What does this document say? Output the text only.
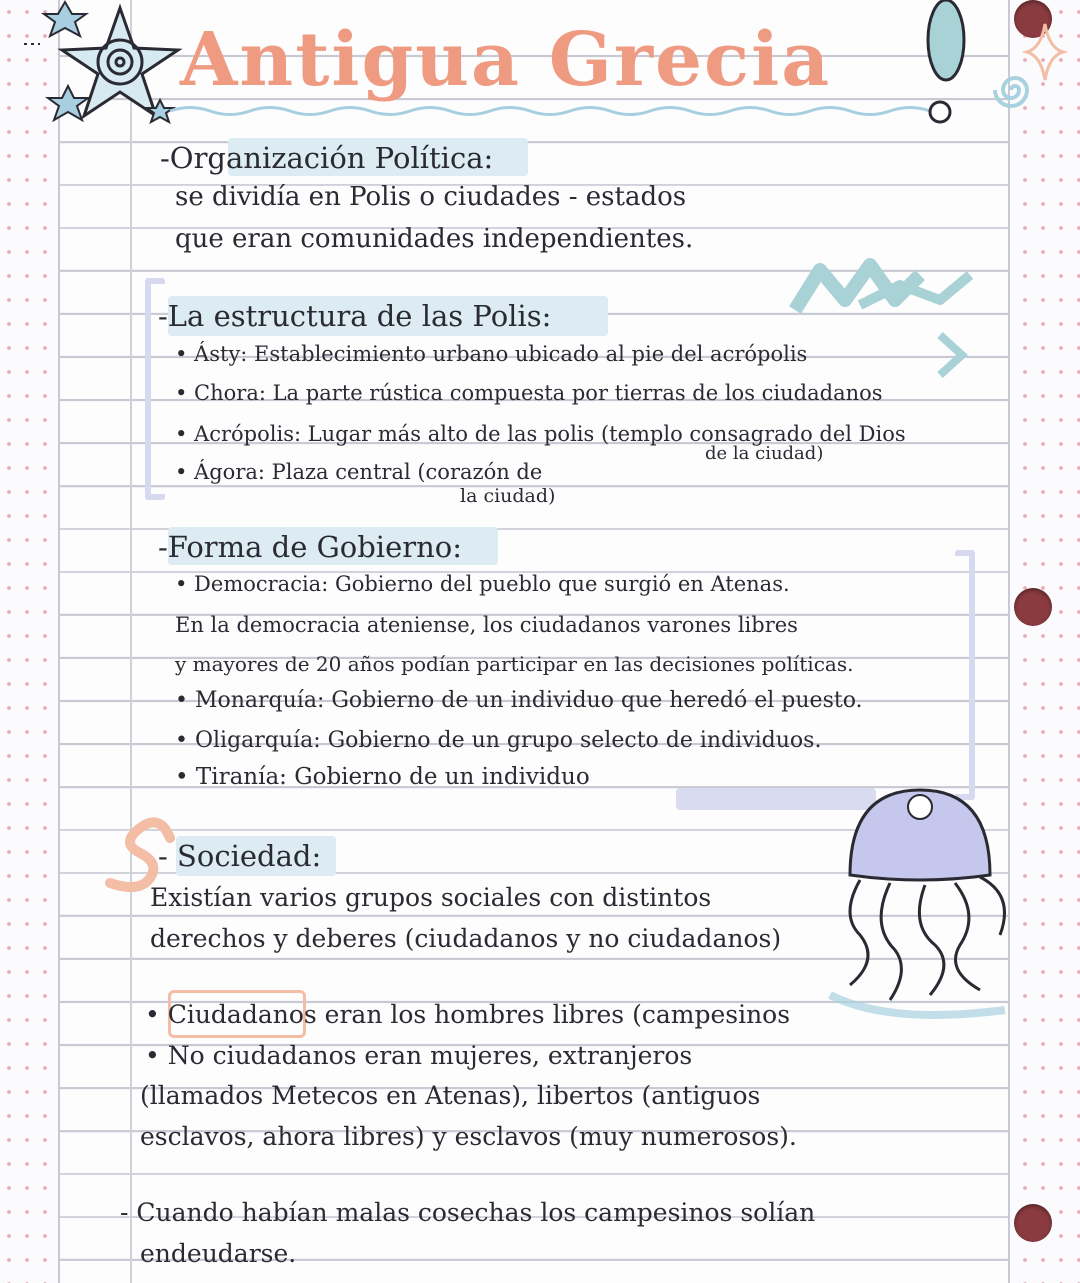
Antigua Grecia
-Organización Política:
se dividía en Polis o ciudades - estados
que eran comunidades independientes.
-La estructura de las Polis:
• Ásty: Establecimiento urbano ubicado al pie del acrópolis
• Chora: La parte rústica compuesta por tierras de los ciudadanos
• Acrópolis: Lugar más alto de las polis (templo consagrado del Dios
de la ciudad)
• Ágora: Plaza central (corazón de
la ciudad)
-Forma de Gobierno:
• Democracia: Gobierno del pueblo que surgió en Atenas.
En la democracia ateniense, los ciudadanos varones libres
y mayores de 20 años podían participar en las decisiones políticas.
• Monarquía: Gobierno de un individuo que heredó el puesto.
• Oligarquía: Gobierno de un grupo selecto de individuos.
• Tiranía: Gobierno de un individuo
- Sociedad:
Existían varios grupos sociales con distintos
derechos y deberes (ciudadanos y no ciudadanos)
• Ciudadanos eran los hombres libres (campesinos
• No ciudadanos eran mujeres, extranjeros
(llamados Metecos en Atenas), libertos (antiguos
esclavos, ahora libres) y esclavos (muy numerosos).
- Cuando habían malas cosechas los campesinos solían
endeudarse.
